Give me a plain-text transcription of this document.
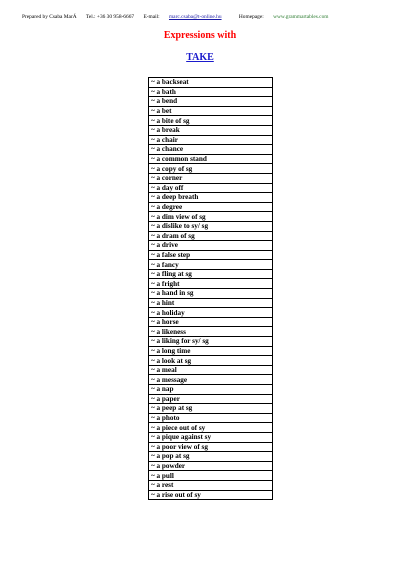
Prepared by Csaba MarÁ Tel.: +36 30 958-6667 E-mail: marc.csaba@t-online.hu	Homepage: www.grammartables.com
Expressions with
TAKE
~ a backseat
~ a bath
~ a bend
~ a bet
~ a bite of sg
~ a break
~ a chair
~ a chance
~ a common stand
~ a copy of sg
~ a corner
~ a day off
~ a deep breath
~ a degree
~ a dim view of sg
~ a dislike to sy/ sg
~ a dram of sg
~ a drive
~ a false step
~ a fancy
~ a fling at sg
~ a fright
~ a hand in sg
~ a hint
~ a holiday
~ a horse
~ a likeness
~ a liking for sy/ sg
~ a long time
~ a look at sg
~ a meal
~ a message
~ a nap
~ a paper
~ a peep at sg
~ a photo
~ a piece out of sy
~ a pique against sy
~ a poor view of sg
~ a pop at sg
~ a powder
~ a pull
~ a rest
~ a rise out of sy
